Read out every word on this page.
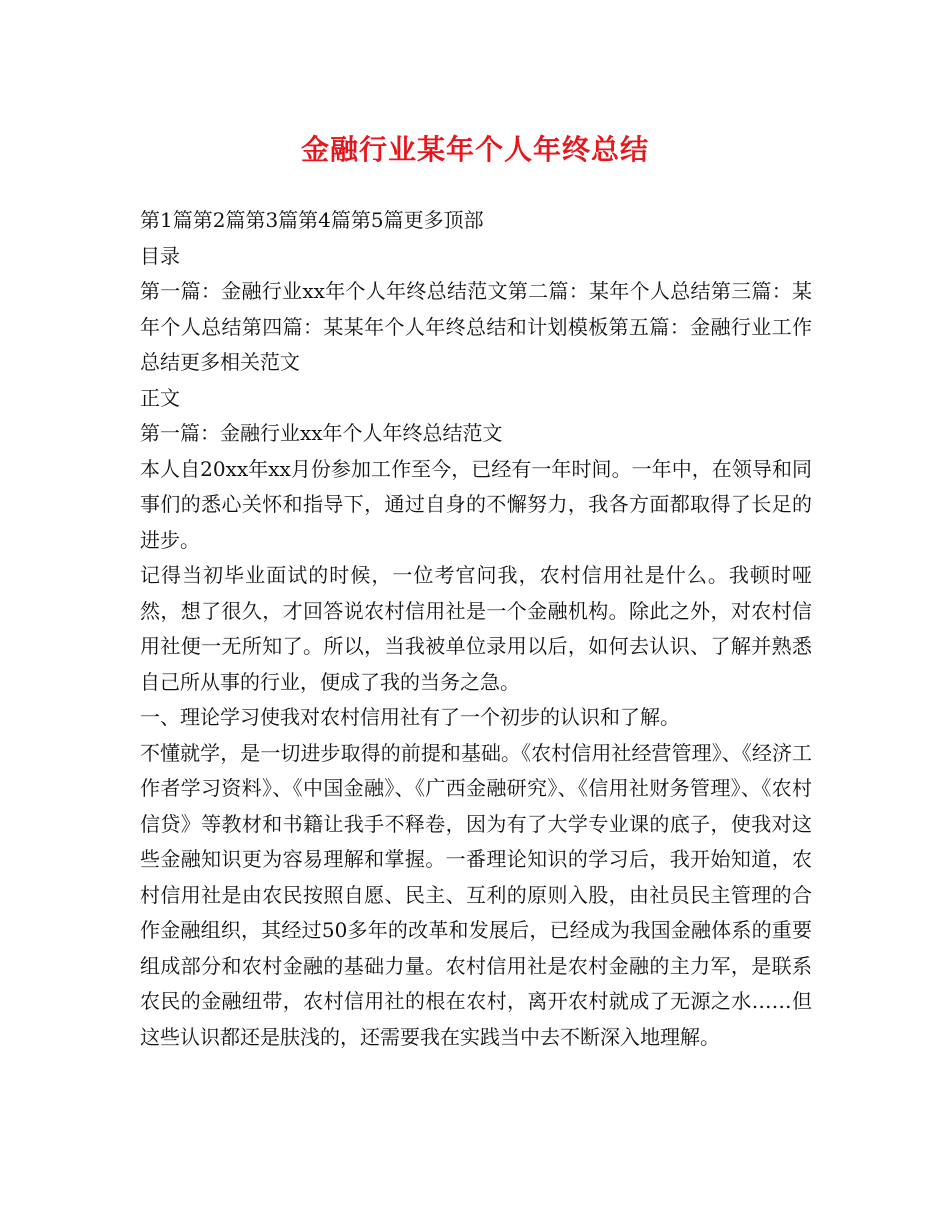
金融行业某年个人年终总结

第1篇第2篇第3篇第4篇第5篇更多顶部

目录

第一篇：金融行业xx年个人年终总结范文第二篇：某年个人总结第三篇：某年个人总结第四篇：某某年个人年终总结和计划模板第五篇：金融行业工作总结更多相关范文

正文

第一篇：金融行业xx年个人年终总结范文

本人自20xx年xx月份参加工作至今，已经有一年时间。一年中，在领导和同事们的悉心关怀和指导下，通过自身的不懈努力，我各方面都取得了长足的进步。

记得当初毕业面试的时候，一位考官问我，农村信用社是什么。我顿时哑然，想了很久，才回答说农村信用社是一个金融机构。除此之外，对农村信用社便一无所知了。所以，当我被单位录用以后，如何去认识、了解并熟悉自己所从事的行业，便成了我的当务之急。

一、理论学习使我对农村信用社有了一个初步的认识和了解。

不懂就学，是一切进步取得的前提和基础。《农村信用社经营管理》、《经济工作者学习资料》、《中国金融》、《广西金融研究》、《信用社财务管理》、《农村信贷》等教材和书籍让我手不释卷，因为有了大学专业课的底子，使我对这些金融知识更为容易理解和掌握。一番理论知识的学习后，我开始知道，农村信用社是由农民按照自愿、民主、互利的原则入股，由社员民主管理的合作金融组织，其经过50多年的改革和发展后，已经成为我国金融体系的重要组成部分和农村金融的基础力量。农村信用社是农村金融的主力军，是联系农民的金融纽带，农村信用社的根在农村，离开农村就成了无源之水……但这些认识都还是肤浅的，还需要我在实践当中去不断深入地理解。
